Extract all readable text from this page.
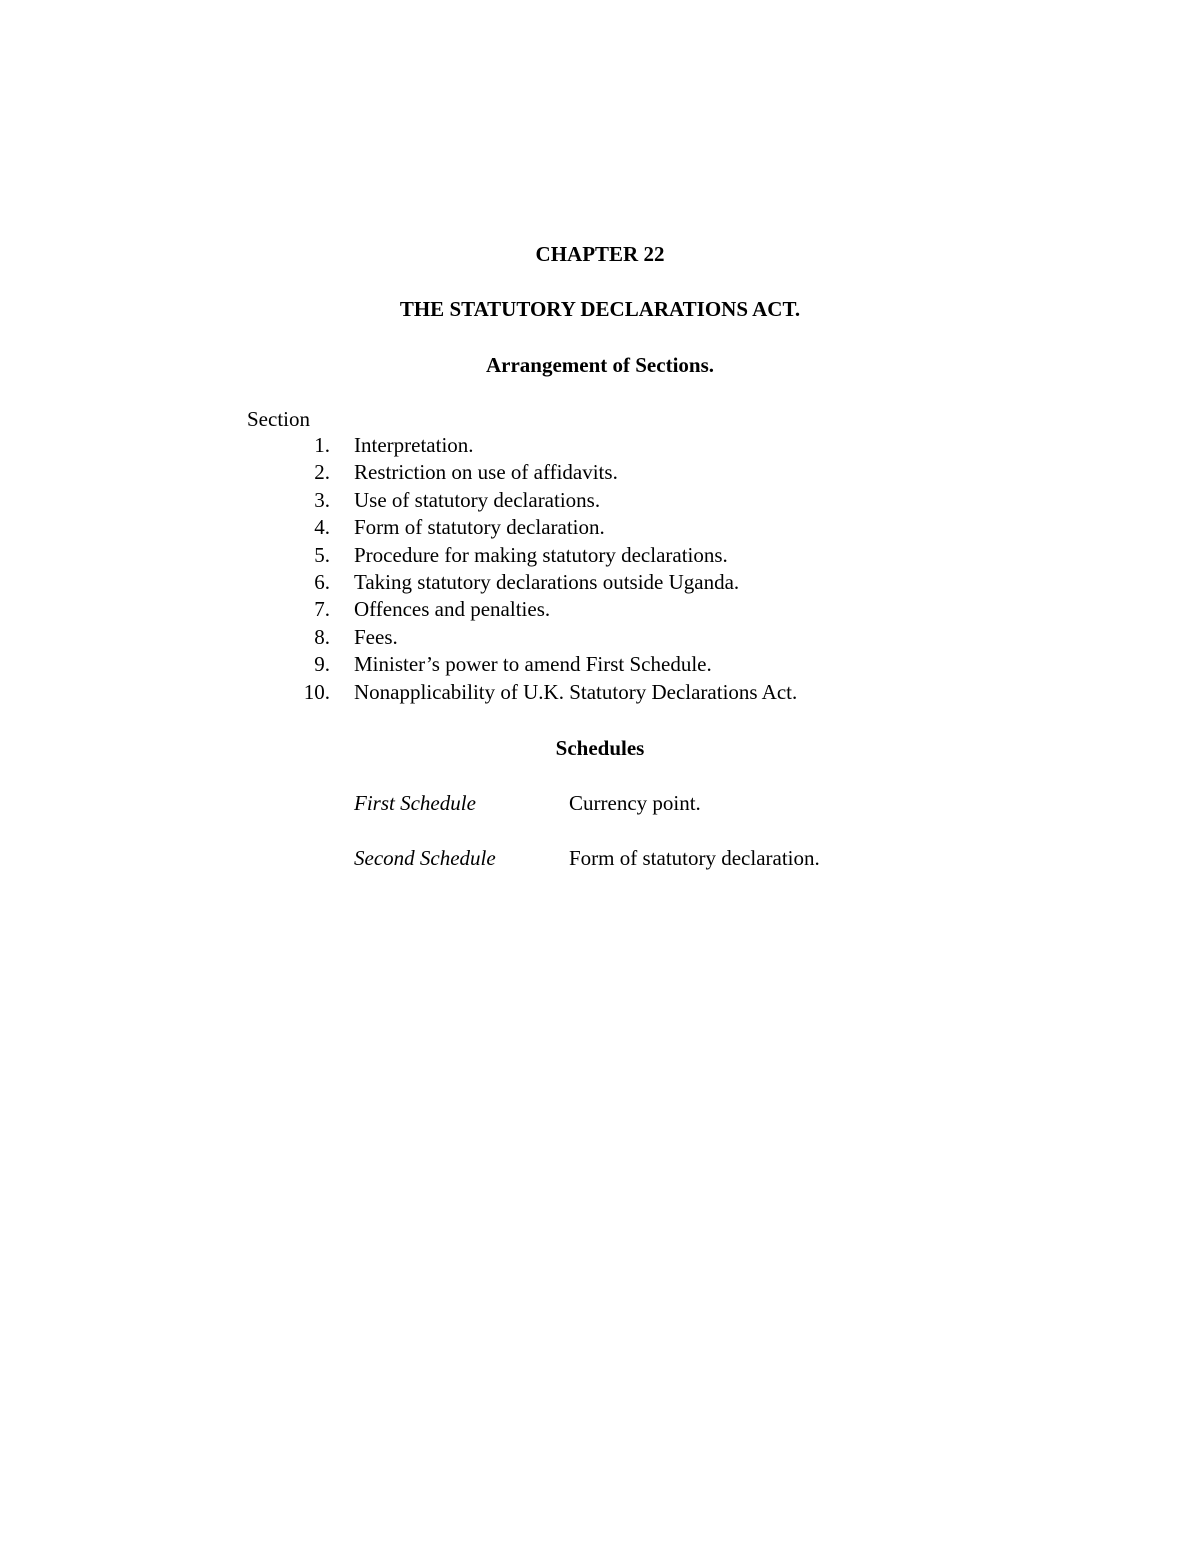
CHAPTER 22
THE STATUTORY DECLARATIONS ACT.
Arrangement of Sections.
Section
1. Interpretation.
2. Restriction on use of affidavits.
3. Use of statutory declarations.
4. Form of statutory declaration.
5. Procedure for making statutory declarations.
6. Taking statutory declarations outside Uganda.
7. Offences and penalties.
8. Fees.
9. Minister’s power to amend First Schedule.
10. Nonapplicability of U.K. Statutory Declarations Act.
Schedules
First Schedule	Currency point.
Second Schedule	Form of statutory declaration.
